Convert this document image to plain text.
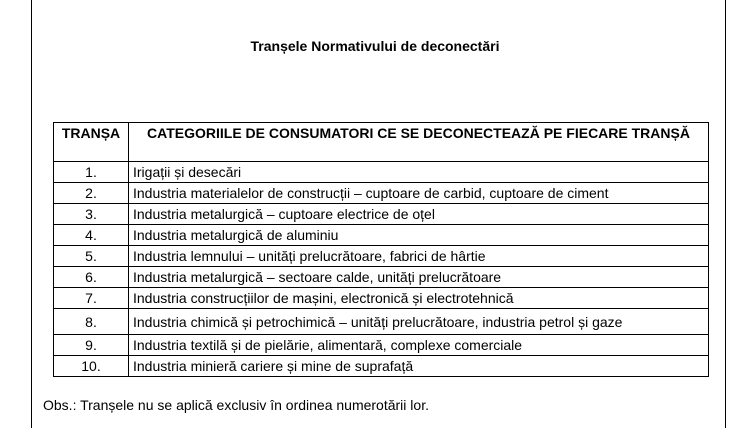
Tranșele Normativului de deconectări
TRANȘA	CATEGORIILE DE CONSUMATORI CE SE DECONECTEAZĂ PE FIECARE TRANȘĂ
1.	Irigații și desecări
2.	Industria materialelor de construcții – cuptoare de carbid, cuptoare de ciment
3.	Industria metalurgică – cuptoare electrice de oțel
4.	Industria metalurgică de aluminiu
5.	Industria lemnului – unități prelucrătoare, fabrici de hârtie
6.	Industria metalurgică – sectoare calde, unități prelucrătoare
7.	Industria construcțiilor de mașini, electronică și electrotehnică
8.	Industria chimică și petrochimică – unități prelucrătoare, industria petrol și gaze
9.	Industria textilă și de pielărie, alimentară, complexe comerciale
10.	Industria minieră cariere și mine de suprafață
Obs.: Tranșele nu se aplică exclusiv în ordinea numerotării lor.
